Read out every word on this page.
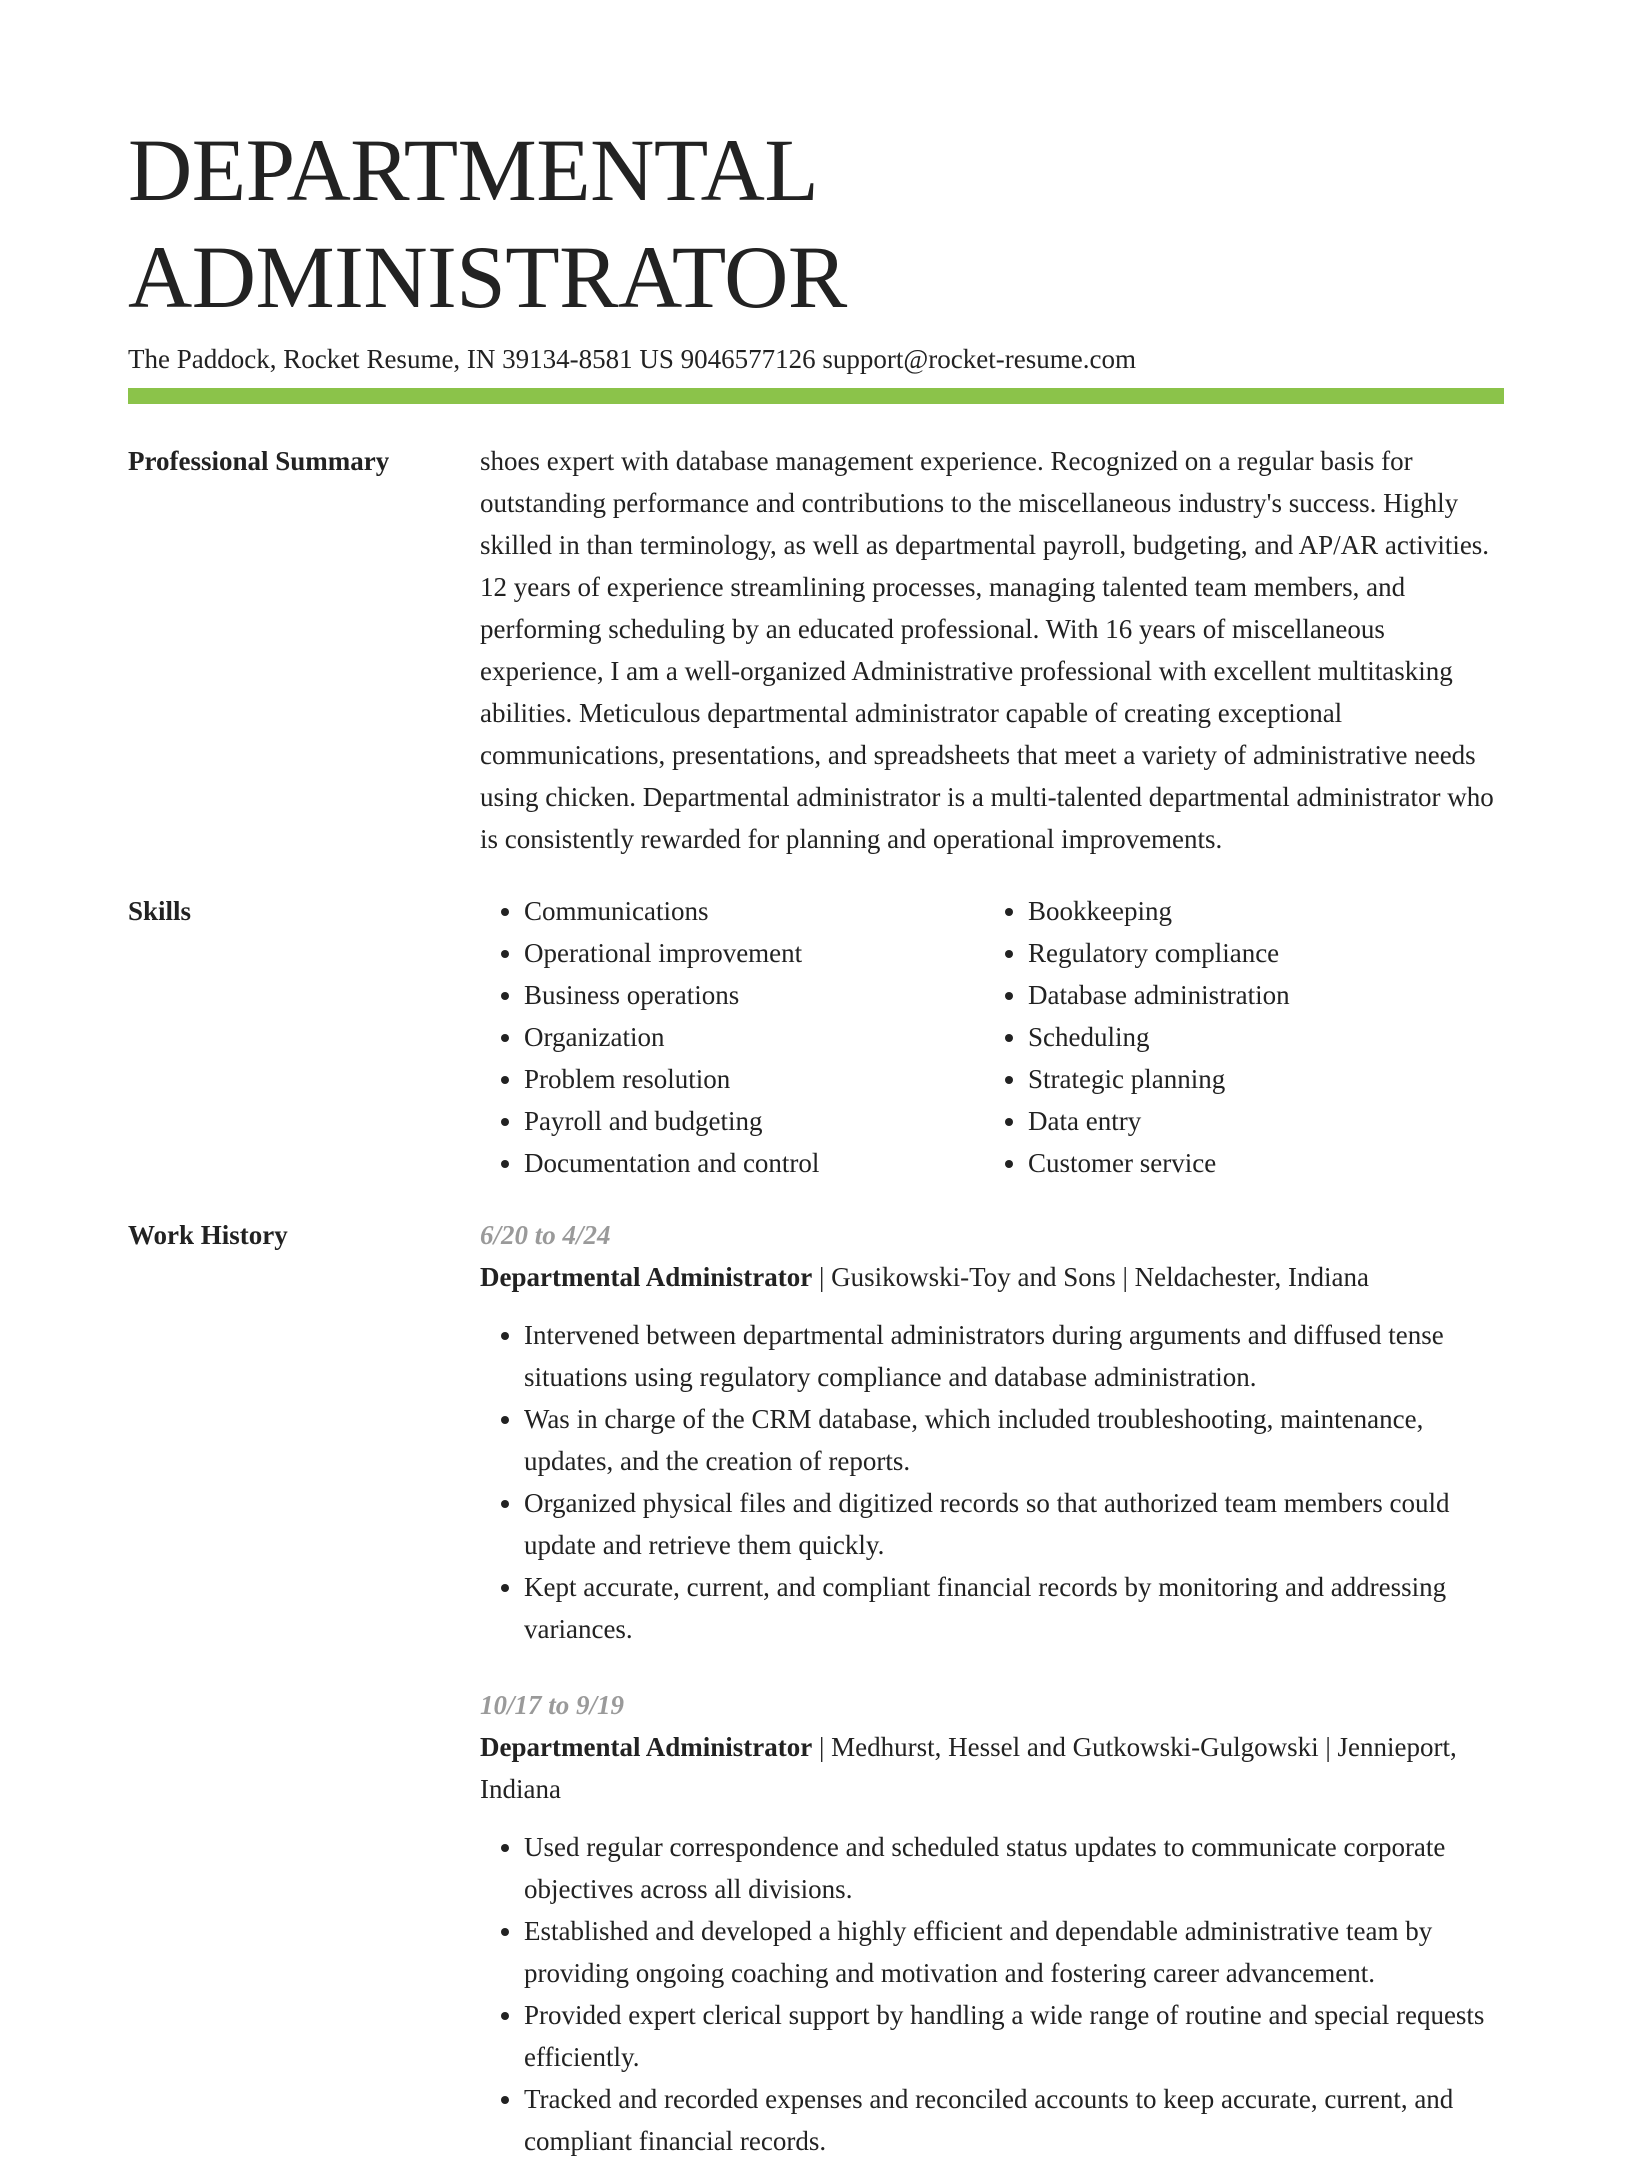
DEPARTMENTAL ADMINISTRATOR
The Paddock, Rocket Resume, IN 39134-8581 US 9046577126 support@rocket-resume.com
Professional Summary	shoes expert with database management experience. Recognized on a regular basis for outstanding performance and contributions to the miscellaneous industry's success. Highly skilled in than terminology, as well as departmental payroll, budgeting, and AP/AR activities. 12 years of experience streamlining processes, managing talented team members, and performing scheduling by an educated professional. With 16 years of miscellaneous experience, I am a well-organized Administrative professional with excellent multitasking abilities. Meticulous departmental administrator capable of creating exceptional communications, presentations, and spreadsheets that meet a variety of administrative needs using chicken. Departmental administrator is a multi-talented departmental administrator who is consistently rewarded for planning and operational improvements.

Skills
•	Communications
• Operational improvement
• Business operations
• Organization
• Problem resolution
• Payroll and budgeting
• Documentation and control
• Bookkeeping
• Regulatory compliance
• Database administration
• Scheduling
• Strategic planning
• Data entry
• Customer service
Work History	6/20 to 4/24
Departmental Administrator | Gusikowski-Toy and Sons | Neldachester, Indiana
• Intervened between departmental administrators during arguments and diffused tense situations using regulatory compliance and database administration.
• Was in charge of the CRM database, which included troubleshooting, maintenance, updates, and the creation of reports.
• Organized physical files and digitized records so that authorized team members could update and retrieve them quickly.
• Kept accurate, current, and compliant financial records by monitoring and addressing variances.
10/17 to 9/19
Departmental Administrator | Medhurst, Hessel and Gutkowski-Gulgowski | Jennieport, Indiana
• Used regular correspondence and scheduled status updates to communicate corporate objectives across all divisions.
• Established and developed a highly efficient and dependable administrative team by providing ongoing coaching and motivation and fostering career advancement.
• Provided expert clerical support by handling a wide range of routine and special requests efficiently.
• Tracked and recorded expenses and reconciled accounts to keep accurate, current, and compliant financial records.
